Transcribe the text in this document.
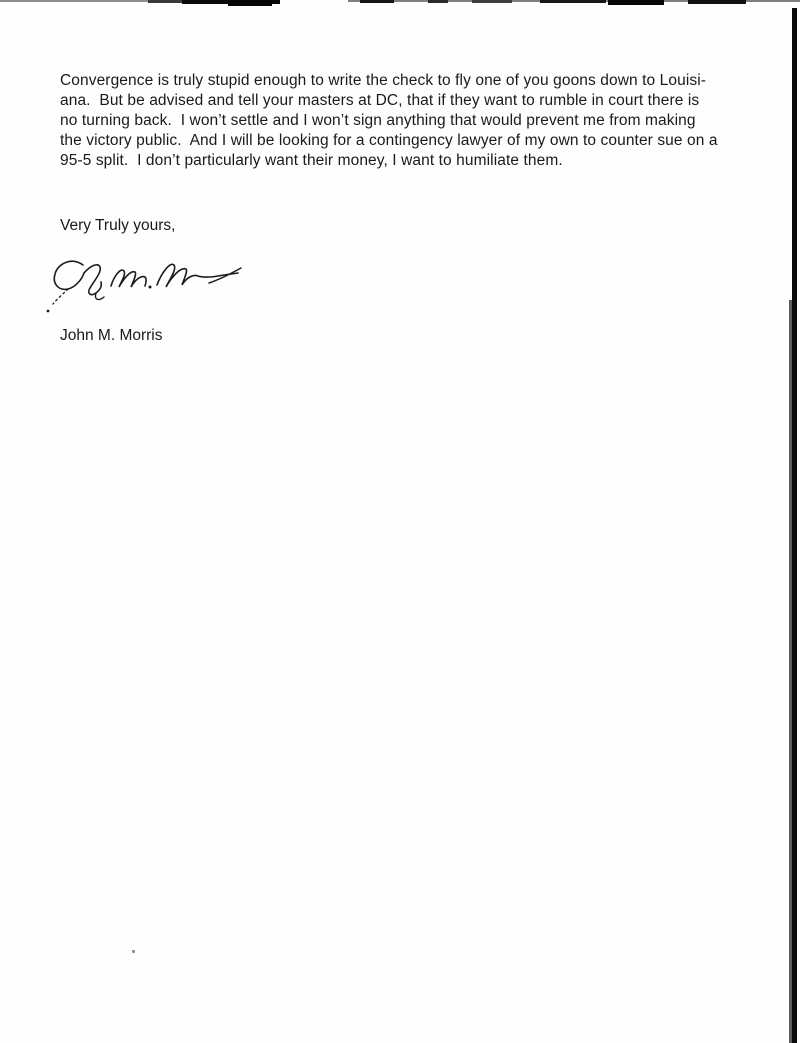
Convergence is truly stupid enough to write the check to fly one of you goons down to Louisi-
ana.  But be advised and tell your masters at DC, that if they want to rumble in court there is
no turning back.  I won’t settle and I won’t sign anything that would prevent me from making
the victory public.  And I will be looking for a contingency lawyer of my own to counter sue on a
95-5 split.  I don’t particularly want their money, I want to humiliate them.
Very Truly yours,
John M. Morris
